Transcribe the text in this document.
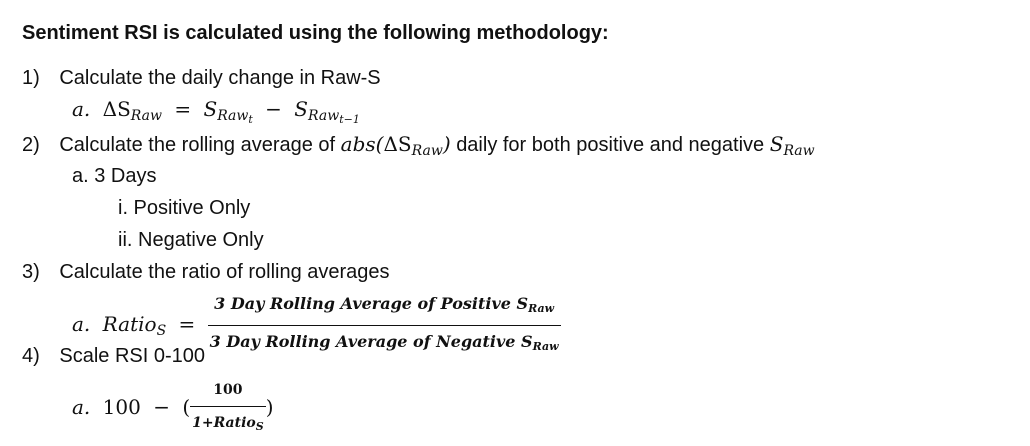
Sentiment RSI is calculated using the following methodology:
1) Calculate the daily change in Raw-S
a. $\Delta S_{Raw} = S_{Raw_t} - S_{Raw_{t-1}}$
2) Calculate the rolling average of $abs(\Delta S_{Raw})$ daily for both positive and negative $S_{Raw}$
a. 3 Days
i. Positive Only
ii. Negative Only
3) Calculate the ratio of rolling averages
a. Ratio$_S$ = $\frac{3 Day Rolling Average of Positive S_{Raw}}{3 Day Rolling Average of Negative S_{Raw}}$
4) Scale RSI 0-100
a. 100 − ( $\frac{100}{1+Ratio_S}$ )
